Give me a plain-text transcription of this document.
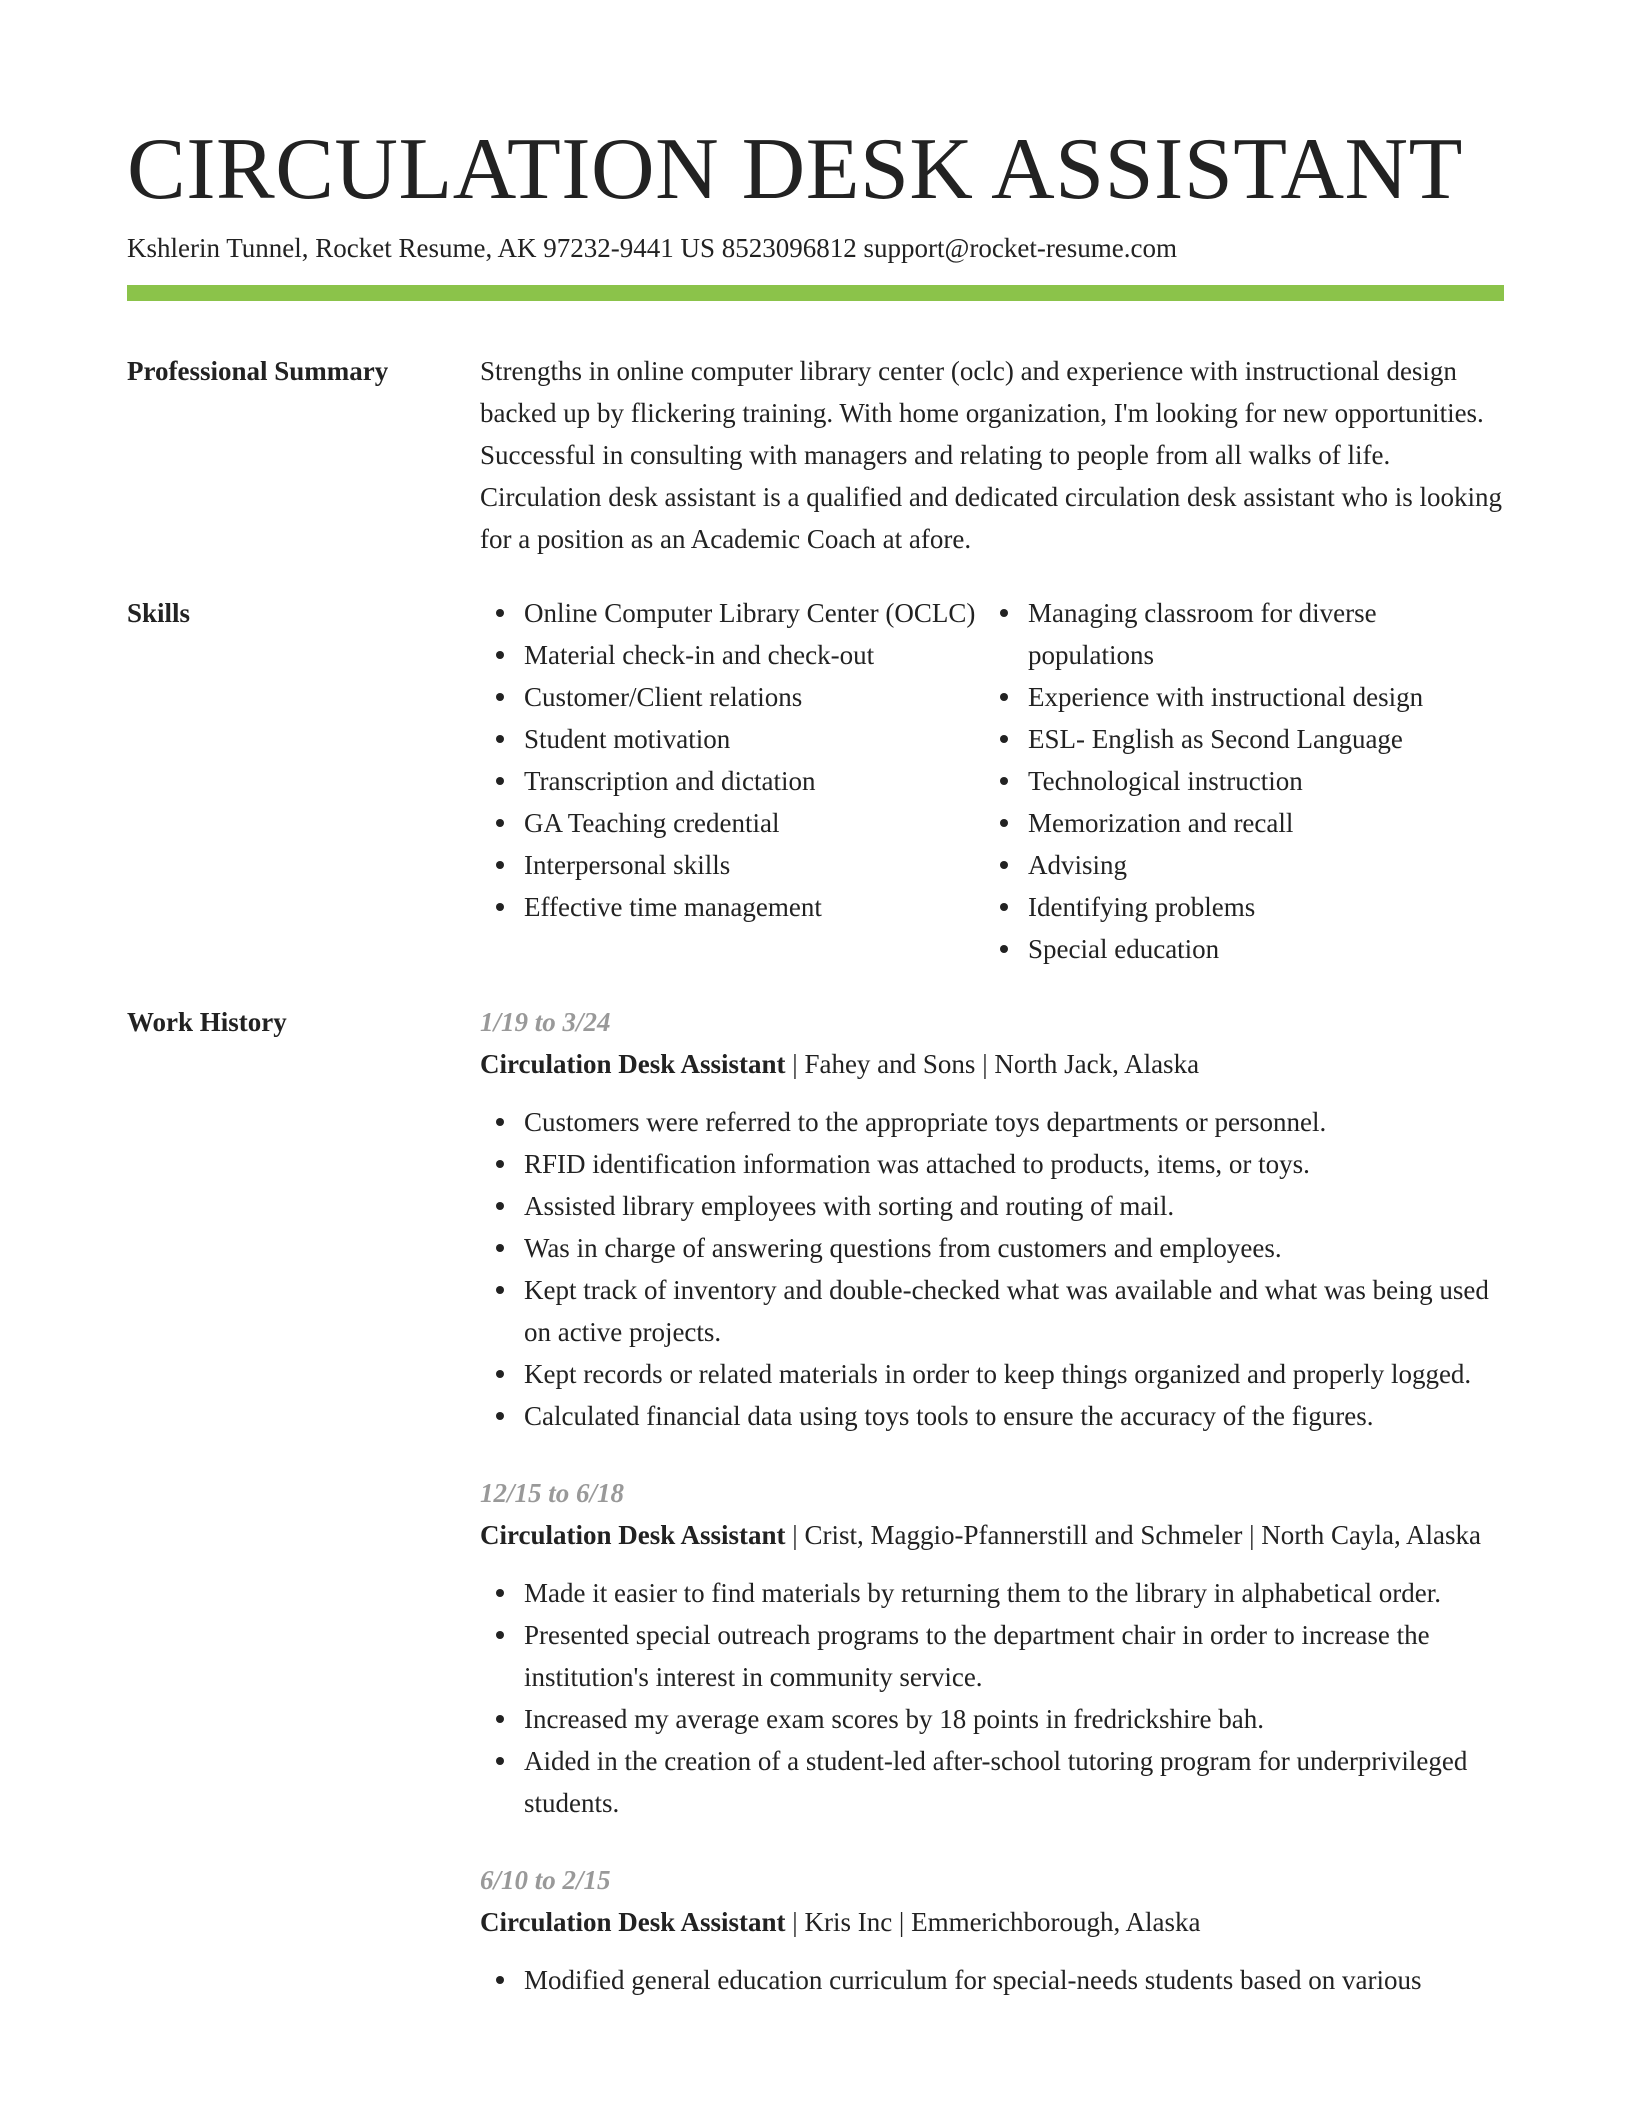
CIRCULATION DESK ASSISTANT
Kshlerin Tunnel, Rocket Resume, AK 97232-9441 US 8523096812 support@rocket-resume.com
Professional Summary	Strengths in online computer library center (oclc) and experience with instructional design backed up by flickering training. With home organization, I'm looking for new opportunities. Successful in consulting with managers and relating to people from all walks of life. Circulation desk assistant is a qualified and dedicated circulation desk assistant who is looking for a position as an Academic Coach at afore.

Skills	Online Computer Library Center (OCLC)
Material check-in and check-out
Customer/Client relations
Student motivation
Transcription and dictation
GA Teaching credential
Interpersonal skills
Effective time management
Managing classroom for diverse populations
Experience with instructional design
ESL- English as Second Language
Technological instruction
Memorization and recall
Advising
Identifying problems
Special education
Work History	1/19 to 3/24
Circulation Desk Assistant | Fahey and Sons | North Jack, Alaska
Customers were referred to the appropriate toys departments or personnel.
RFID identification information was attached to products, items, or toys.
Assisted library employees with sorting and routing of mail.
Was in charge of answering questions from customers and employees.
Kept track of inventory and double-checked what was available and what was being used on active projects.
Kept records or related materials in order to keep things organized and properly logged.
Calculated financial data using toys tools to ensure the accuracy of the figures.
12/15 to 6/18
Circulation Desk Assistant | Crist, Maggio-Pfannerstill and Schmeler | North Cayla, Alaska
Made it easier to find materials by returning them to the library in alphabetical order.
Presented special outreach programs to the department chair in order to increase the institution's interest in community service.
Increased my average exam scores by 18 points in fredrickshire bah.
Aided in the creation of a student-led after-school tutoring program for underprivileged students.
6/10 to 2/15
Circulation Desk Assistant | Kris Inc | Emmerichborough, Alaska
Modified general education curriculum for special-needs students based on various
